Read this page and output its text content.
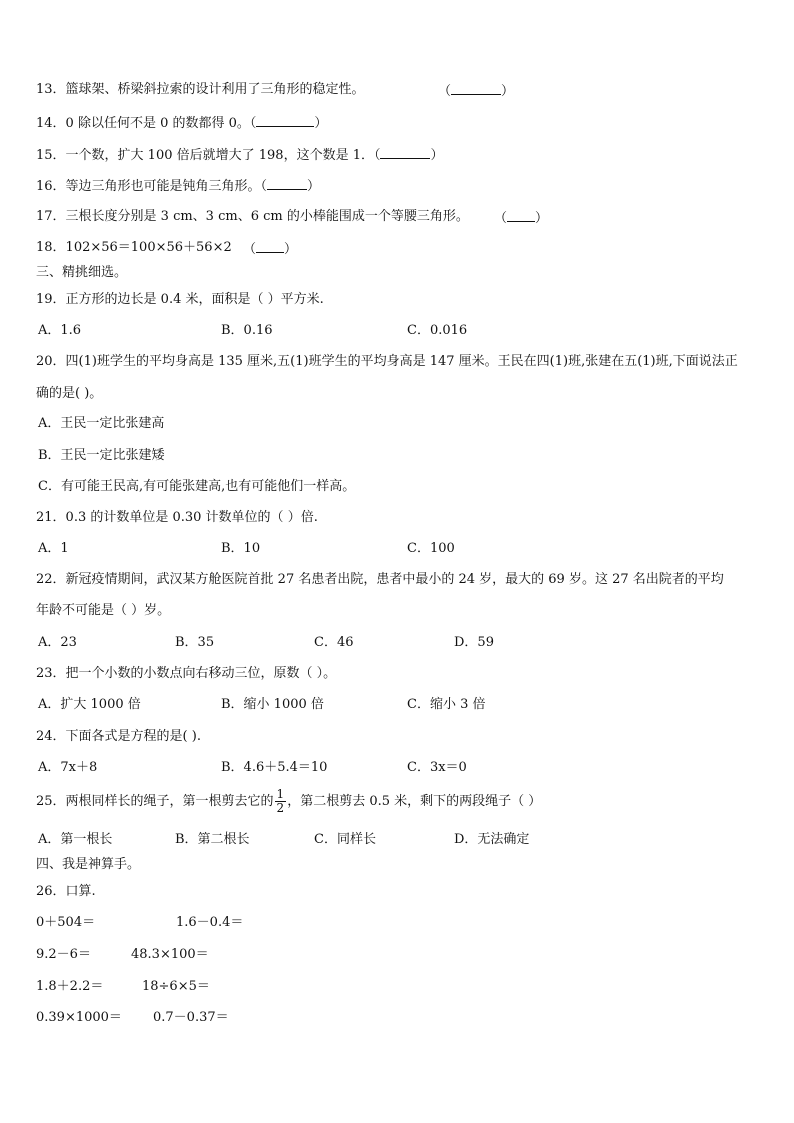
13．篮球架、桥梁斜拉索的设计利用了三角形的稳定性。	（	）
14．0 除以任何不是 0 的数都得 0。（	）
15．一个数，扩大 100 倍后就增大了 198，这个数是 1．（	）
16．等边三角形也可能是钝角三角形。（	）
17．三根长度分别是 3 cm、3 cm、6 cm 的小棒能围成一个等腰三角形。 （ ）
18．102×56＝100×56＋56×2 （ ）
三、精挑细选。
19．正方形的边长是 0.4 米，面积是（ ）平方米.
A．1.6	B．0.16	C．0.016
20．四(1)班学生的平均身高是 135 厘米,五(1)班学生的平均身高是 147 厘米。王民在四(1)班,张建在五(1)班,下面说法正
确的是( )。
A．王民一定比张建高
B．王民一定比张建矮
C．有可能王民高,有可能张建高,也有可能他们一样高。
21．0.3 的计数单位是 0.30 计数单位的（ ）倍.
A．1	B．10	C．100
22．新冠疫情期间，武汉某方舱医院首批 27 名患者出院，患者中最小的 24 岁，最大的 69 岁。这 27 名出院者的平均
年龄不可能是（ ）岁。
A．23	B．35	C．46	D．59
23．把一个小数的小数点向右移动三位，原数（ ）。
A．扩大 1000 倍	B．缩小 1000 倍	C．缩小 3 倍
24．下面各式是方程的是( ).
A．7x＋8	B．4.6＋5.4＝10	C．3x＝0
25．两根同样长的绳子，第一根剪去它的 $\frac{1}{2}$ ，第二根剪去 0.5 米，剩下的两段绳子（ ）
A．第一根长	B．第二根长	C．同样长	D．无法确定
四、我是神算手。
26．口算.
0＋504＝	1.6－0.4＝
9.2－6＝	48.3×100＝
1.8＋2.2＝	18÷6×5＝
0.39×1000＝ 0.7－0.37＝
